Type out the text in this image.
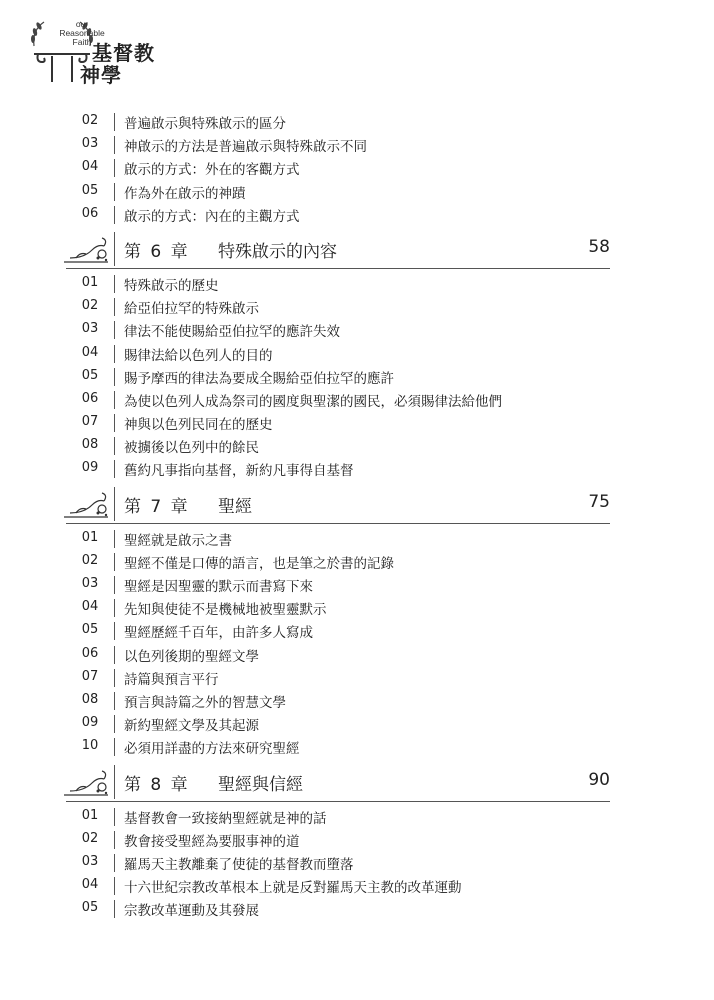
our
Reasonable
Faith 基督教
神學
02	普遍啟示與特殊啟示的區分
03	神啟示的方法是普遍啟示與特殊啟示不同
04	啟示的方式：外在的客觀方式
05	作為外在啟示的神蹟
06	啟示的方式：內在的主觀方式
第 6 章 特殊啟示的內容	58
01	特殊啟示的歷史
02	給亞伯拉罕的特殊啟示
03	律法不能使賜給亞伯拉罕的應許失效
04	賜律法給以色列人的目的
05	賜予摩西的律法為要成全賜給亞伯拉罕的應許
06	為使以色列人成為祭司的國度與聖潔的國民，必須賜律法給他們
07	神與以色列民同在的歷史
08	被擄後以色列中的餘民
09	舊約凡事指向基督，新約凡事得自基督
第 7 章 聖經	75
01	聖經就是啟示之書
02	聖經不僅是口傳的語言，也是筆之於書的記錄
03	聖經是因聖靈的默示而書寫下來
04	先知與使徒不是機械地被聖靈默示
05	聖經歷經千百年，由許多人寫成
06	以色列後期的聖經文學
07	詩篇與預言平行
08	預言與詩篇之外的智慧文學
09	新約聖經文學及其起源
10	必須用詳盡的方法來研究聖經
第 8 章 聖經與信經	90
01	基督教會一致接納聖經就是神的話
02	教會接受聖經為要服事神的道
03	羅馬天主教離棄了使徒的基督教而墮落
04	十六世紀宗教改革根本上就是反對羅馬天主教的改革運動
05	宗教改革運動及其發展
